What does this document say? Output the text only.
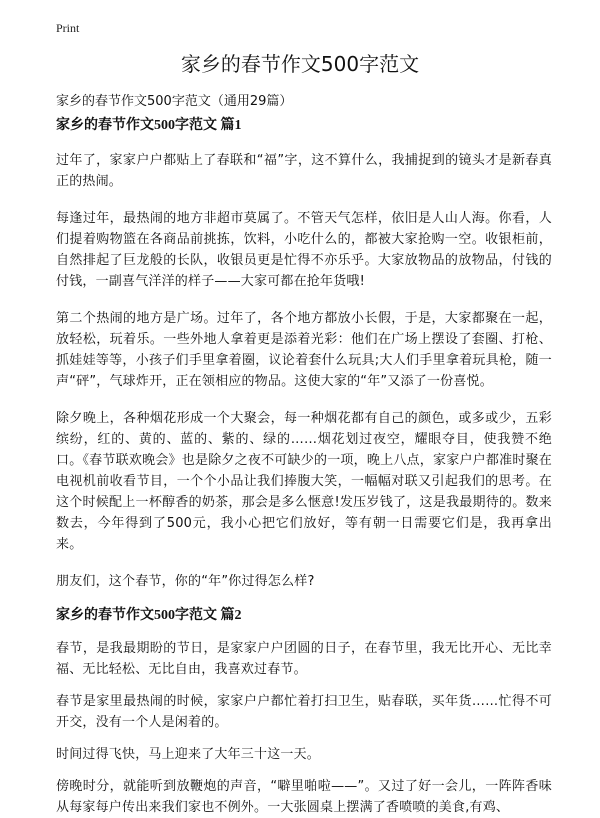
Print
家乡的春节作文500字范文

家乡的春节作文500字范文（通用29篇）

家乡的春节作文500字范文 篇1

过年了，家家户户都贴上了春联和“福”字，这不算什么，我捕捉到的镜头才是新春真正的热闹。

每逢过年，最热闹的地方非超市莫属了。不管天气怎样，依旧是人山人海。你看，人们提着购物篮在各商品前挑拣，饮料，小吃什么的，都被大家抢购一空。收银柜前，自然排起了巨龙般的长队，收银员更是忙得不亦乐乎。大家放物品的放物品，付钱的付钱，一副喜气洋洋的样子——大家可都在抢年货哦!

第二个热闹的地方是广场。过年了，各个地方都放小长假，于是，大家都聚在一起，放轻松，玩着乐。一些外地人拿着更是添着光彩：他们在广场上摆设了套圈、打枪、抓娃娃等等，小孩子们手里拿着圈，议论着套什么玩具;大人们手里拿着玩具枪，随一声“砰”，气球炸开，正在领相应的物品。这使大家的“年”又添了一份喜悦。

除夕晚上，各种烟花形成一个大聚会，每一种烟花都有自己的颜色，或多或少，五彩缤纷，红的、黄的、蓝的、紫的、绿的……烟花划过夜空，耀眼夺目，使我赞不绝口。《春节联欢晚会》也是除夕之夜不可缺少的一项，晚上八点，家家户户都准时聚在电视机前收看节目，一个个小品让我们捧腹大笑，一幅幅对联又引起我们的思考。在这个时候配上一杯醇香的奶茶，那会是多么惬意!发压岁钱了，这是我最期待的。数来数去，今年得到了500元，我小心把它们放好，等有朝一日需要它们是，我再拿出来。

朋友们，这个春节，你的“年”你过得怎么样?

家乡的春节作文500字范文 篇2

春节，是我最期盼的节日，是家家户户团圆的日子，在春节里，我无比开心、无比幸福、无比轻松、无比自由，我喜欢过春节。

春节是家里最热闹的时候，家家户户都忙着打扫卫生，贴春联，买年货……忙得不可开交，没有一个人是闲着的。

时间过得飞快，马上迎来了大年三十这一天。

傍晚时分，就能听到放鞭炮的声音，“噼里啪啦——”。又过了好一会儿，一阵阵香味从每家每户传出来我们家也不例外。一大张圆桌上摆满了香喷喷的美食,有鸡、
